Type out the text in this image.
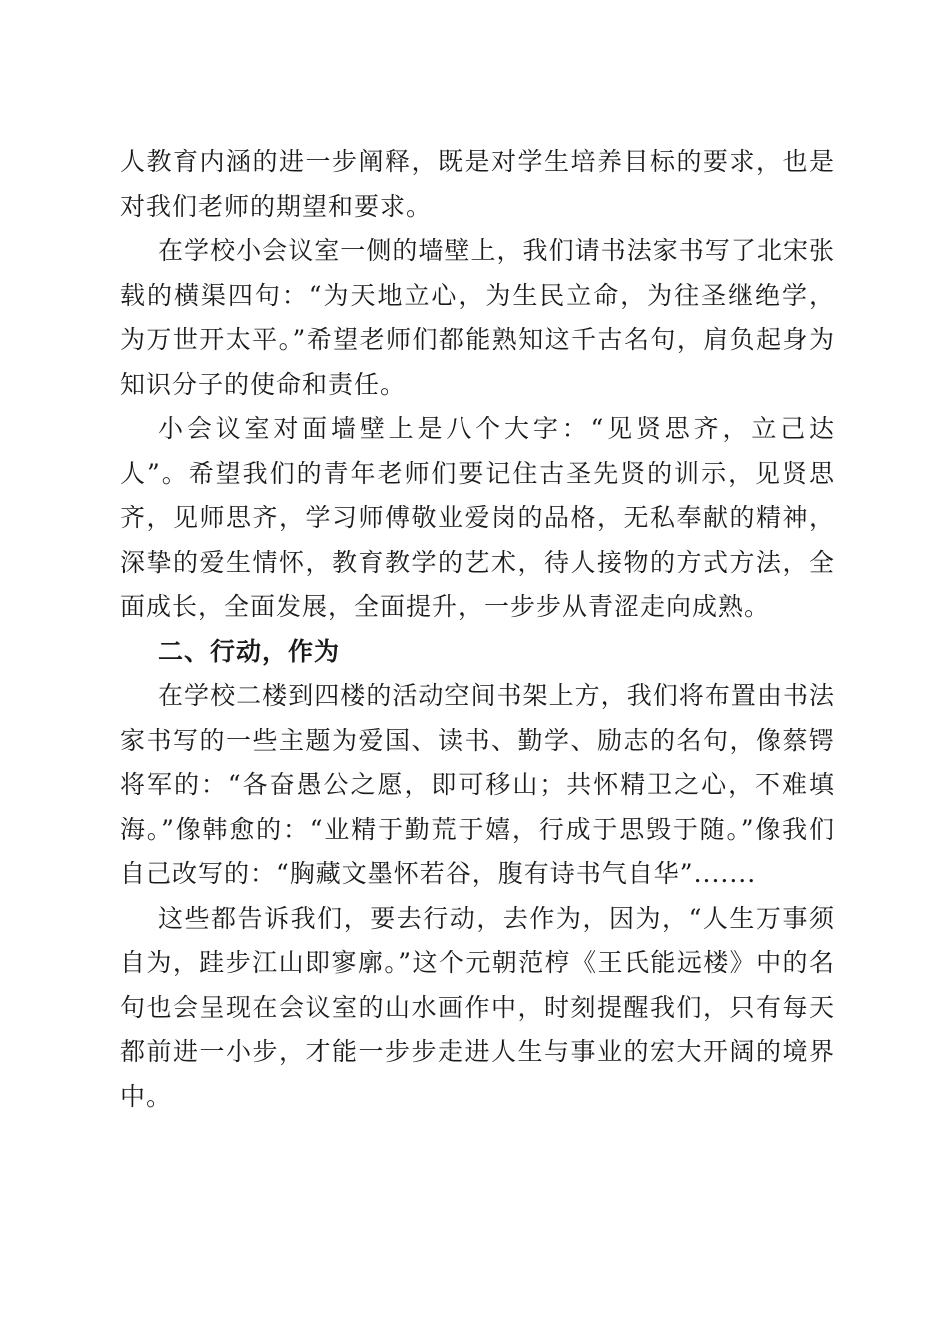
人教育内涵的进一步阐释，既是对学生培养目标的要求，也是对我们老师的期望和要求。

在学校小会议室一侧的墙壁上，我们请书法家书写了北宋张载的横渠四句：“为天地立心，为生民立命，为往圣继绝学，为万世开太平。”希望老师们都能熟知这千古名句，肩负起身为知识分子的使命和责任。

小会议室对面墙壁上是八个大字：“见贤思齐，立己达人”。希望我们的青年老师们要记住古圣先贤的训示，见贤思齐，见师思齐，学习师傅敬业爱岗的品格，无私奉献的精神，深挚的爱生情怀，教育教学的艺术，待人接物的方式方法，全面成长，全面发展，全面提升，一步步从青涩走向成熟。

二、行动，作为

在学校二楼到四楼的活动空间书架上方，我们将布置由书法家书写的一些主题为爱国、读书、勤学、励志的名句，像蔡锷将军的：“各奋愚公之愿，即可移山；共怀精卫之心，不难填海。”像韩愈的：“业精于勤荒于嬉，行成于思毁于随。”像我们自己改写的：“胸藏文墨怀若谷，腹有诗书气自华”.......

这些都告诉我们，要去行动，去作为，因为，“人生万事须自为，跬步江山即寥廓。”这个元朝范梈《王氏能远楼》中的名句也会呈现在会议室的山水画作中，时刻提醒我们，只有每天都前进一小步，才能一步步走进人生与事业的宏大开阔的境界中。
